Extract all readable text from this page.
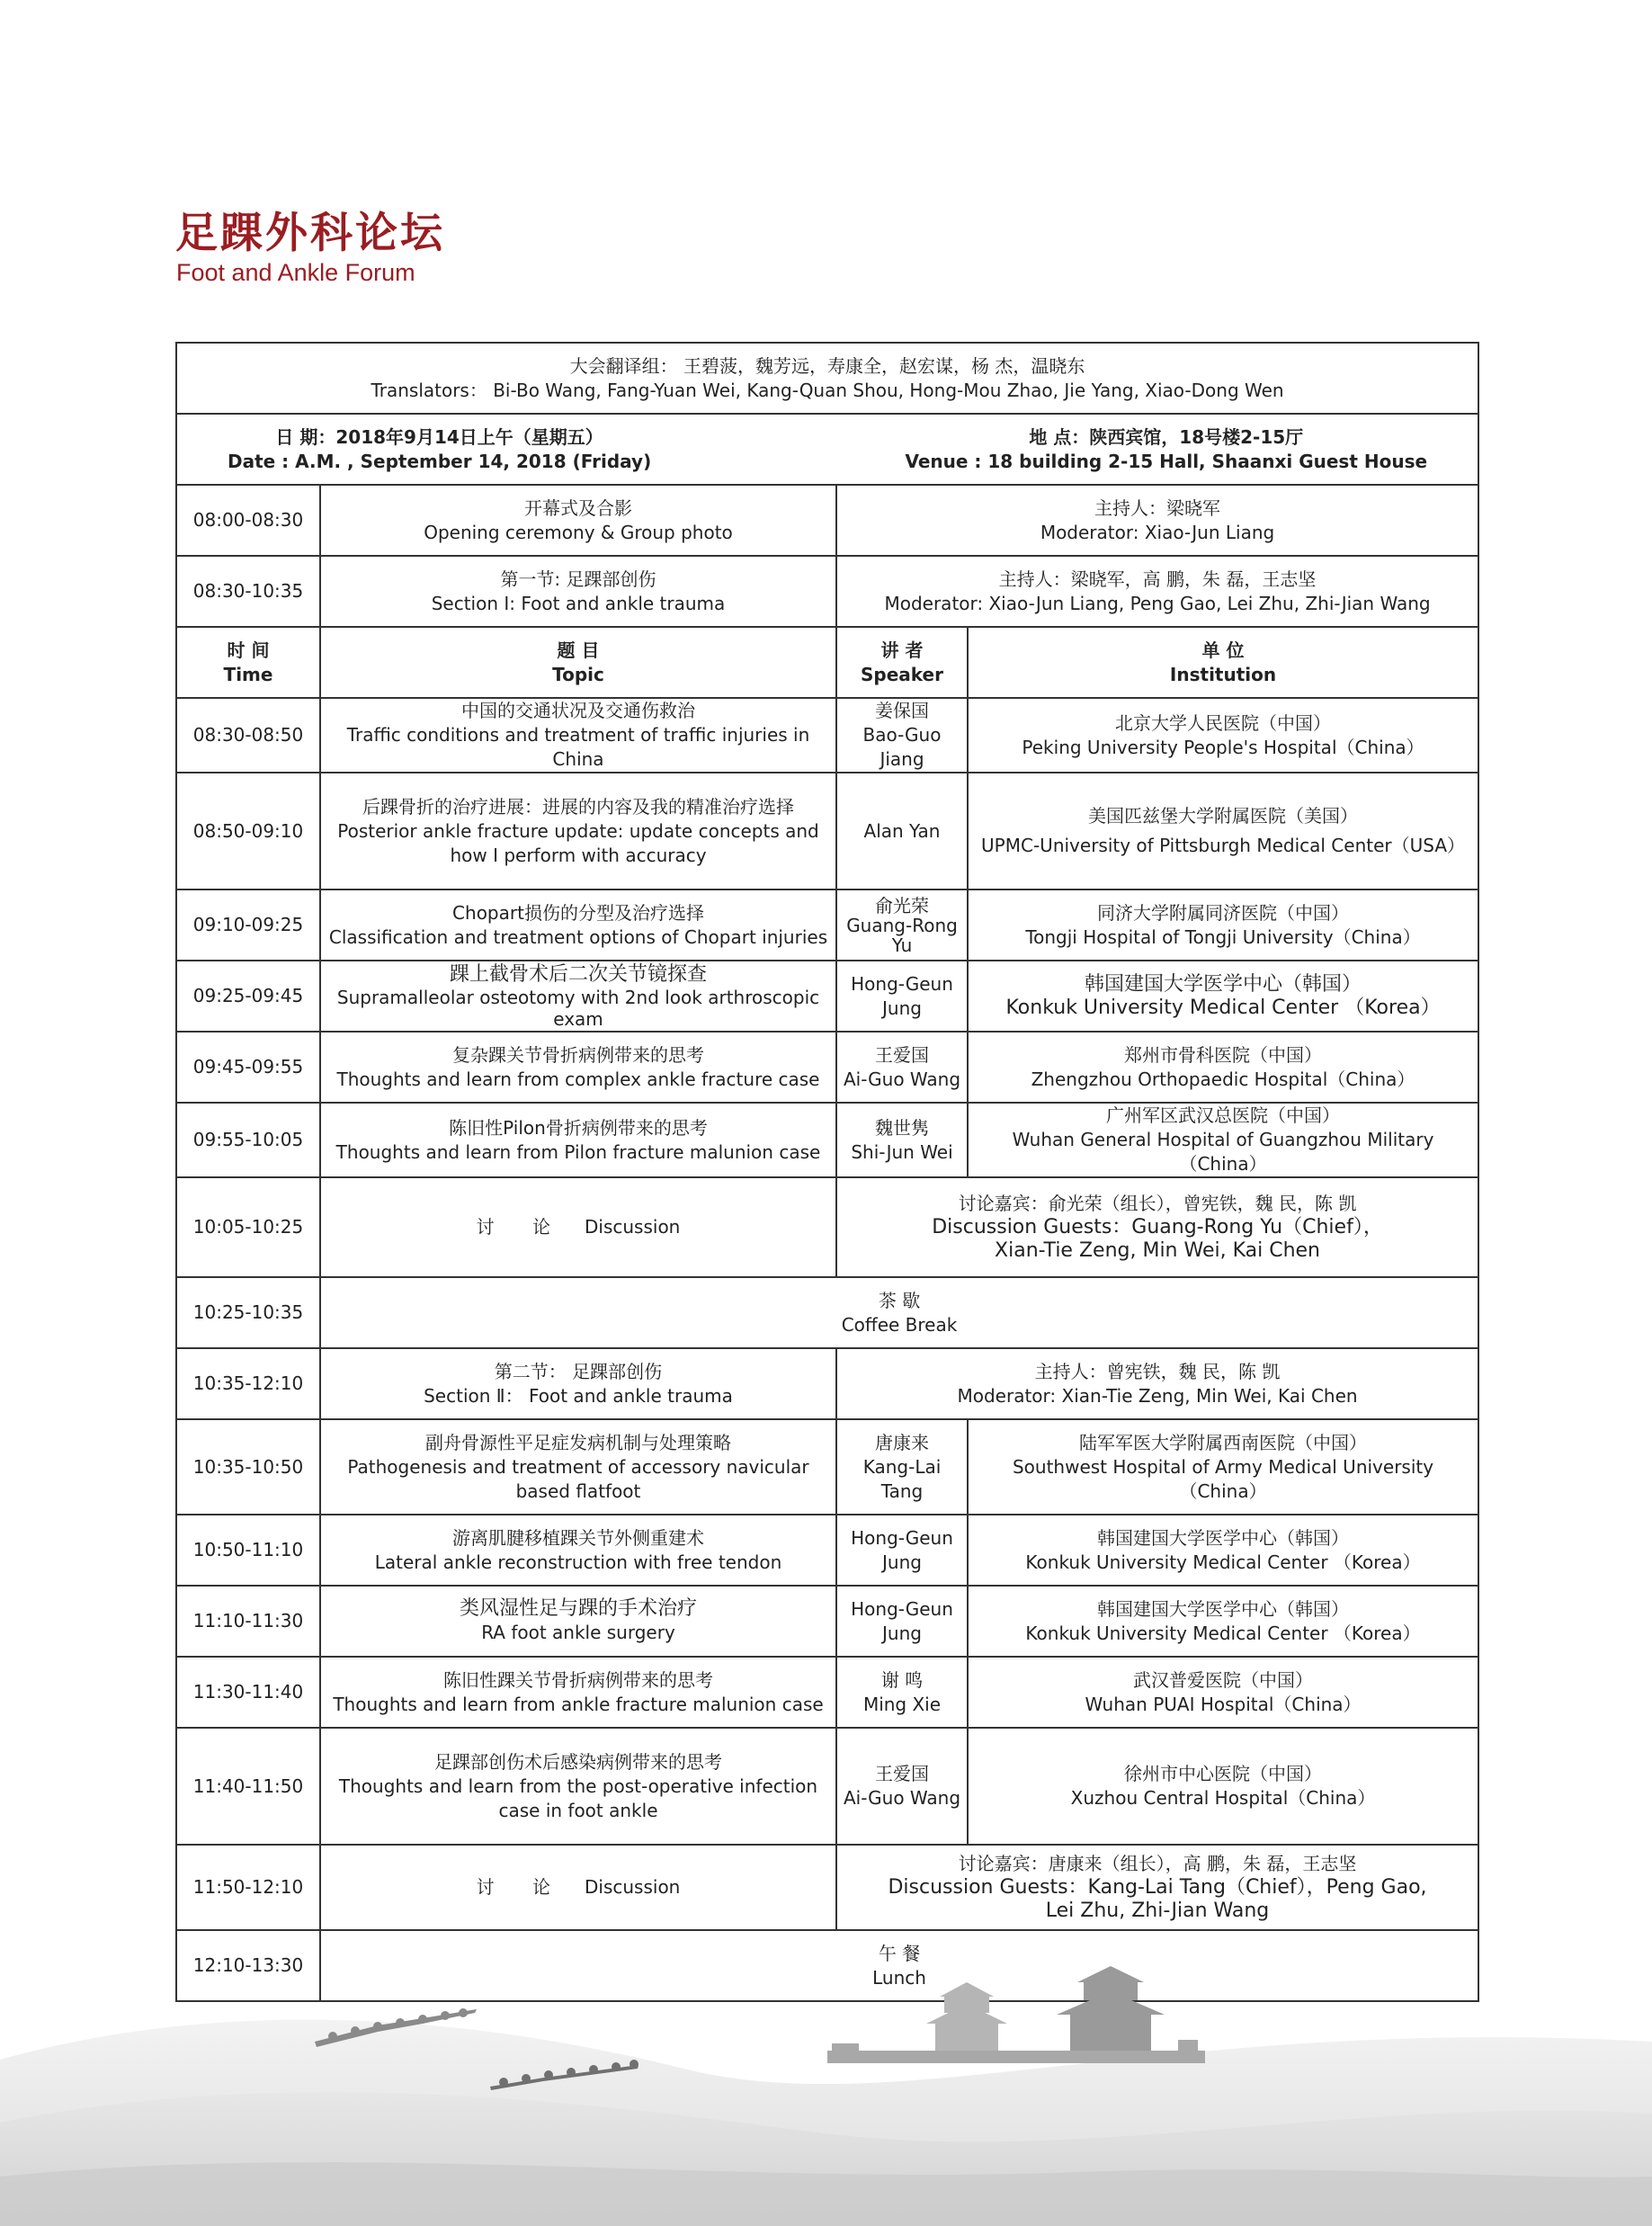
足踝外科论坛
Foot and Ankle Forum
大会翻译组： 王碧菠，魏芳远，寿康全，赵宏谋，杨 杰，温晓东
Translators： Bi-Bo Wang, Fang-Yuan Wei, Kang-Quan Shou, Hong-Mou Zhao, Jie Yang, Xiao-Dong Wen			

日 期：2018年9月14日上午（星期五）
Date : A.M. , September 14, 2018 (Friday)
地 点：陕西宾馆，18号楼2-15厅
Venue : 18 building 2-15 Hall, Shaanxi Guest House			

08:00-08:30	开幕式及合影
Opening ceremony & Group photo	主持人：梁晓军
Moderator: Xiao-Jun Liang	

08:30-10:35	第一节: 足踝部创伤
Section I: Foot and ankle trauma	主持人：梁晓军，高 鹏，朱 磊，王志坚
Moderator: Xiao-Jun Liang, Peng Gao, Lei Zhu, Zhi-Jian Wang	

时 间
Time	题 目
Topic	讲 者
Speaker	单 位
Institution

08:30-08:50	中国的交通状况及交通伤救治
Traffic conditions and treatment of traffic injuries in China	姜保国
Bao-Guo Jiang	北京大学人民医院（中国）
Peking University People's Hospital（China）

08:50-09:10	后踝骨折的治疗进展：进展的内容及我的精准治疗选择
Posterior ankle fracture update: update concepts and how I perform with accuracy	Alan Yan	美国匹兹堡大学附属医院（美国）
UPMC-University of Pittsburgh Medical Center（USA）

09:10-09:25	Chopart损伤的分型及治疗选择
Classification and treatment options of Chopart injuries	俞光荣
Guang-Rong Yu	同济大学附属同济医院（中国）
Tongji Hospital of Tongji University（China）

09:25-09:45	踝上截骨术后二次关节镜探查
Supramalleolar osteotomy with 2nd look arthroscopic exam	Hong-Geun Jung	韩国建国大学医学中心（韩国）
Konkuk University Medical Center （Korea）

09:45-09:55	复杂踝关节骨折病例带来的思考
Thoughts and learn from complex ankle fracture case	王爱国
Ai-Guo Wang	郑州市骨科医院（中国）
Zhengzhou Orthopaedic Hospital（China）

09:55-10:05	陈旧性Pilon骨折病例带来的思考
Thoughts and learn from Pilon fracture malunion case	魏世隽
Shi-Jun Wei	广州军区武汉总医院（中国）
Wuhan General Hospital of Guangzhou Military（China）

10:05-10:25	讨 论 Discussion	讨论嘉宾：俞光荣（组长），曾宪铁，魏 民，陈 凯
Discussion Guests：Guang-Rong Yu（Chief），
Xian-Tie Zeng, Min Wei, Kai Chen	

10:25-10:35	茶 歇
Coffee Break		

10:35-12:10	第二节： 足踝部创伤
Section Ⅱ： Foot and ankle trauma	主持人：曾宪铁，魏 民，陈 凯
Moderator: Xian-Tie Zeng, Min Wei, Kai Chen	

10:35-10:50	副舟骨源性平足症发病机制与处理策略
Pathogenesis and treatment of accessory navicular based flatfoot	唐康来
Kang-Lai Tang	陆军军医大学附属西南医院（中国）
Southwest Hospital of Army Medical University（China）

10:50-11:10	游离肌腱移植踝关节外侧重建术
Lateral ankle reconstruction with free tendon	Hong-Geun Jung	韩国建国大学医学中心（韩国）
Konkuk University Medical Center （Korea）

11:10-11:30	类风湿性足与踝的手术治疗
RA foot ankle surgery	Hong-Geun Jung	韩国建国大学医学中心（韩国）
Konkuk University Medical Center （Korea）

11:30-11:40	陈旧性踝关节骨折病例带来的思考
Thoughts and learn from ankle fracture malunion case	谢 鸣
Ming Xie	武汉普爱医院（中国）
Wuhan PUAI Hospital（China）

11:40-11:50	足踝部创伤术后感染病例带来的思考
Thoughts and learn from the post-operative infection case in foot ankle	王爱国
Ai-Guo Wang	徐州市中心医院（中国）
Xuzhou Central Hospital（China）

11:50-12:10	讨 论 Discussion	讨论嘉宾：唐康来（组长），高 鹏，朱 磊，王志坚
Discussion Guests：Kang-Lai Tang（Chief），Peng Gao,
Lei Zhu, Zhi-Jian Wang	

12:10-13:30	午 餐
Lunch		
